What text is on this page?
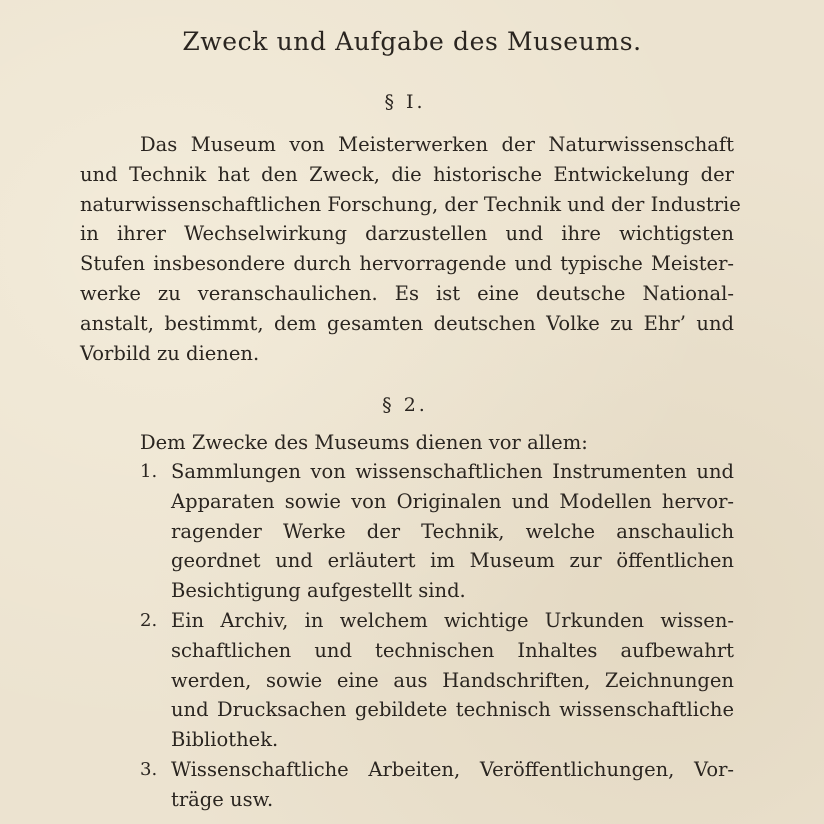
Zweck und Aufgabe des Museums.
§ I.
Das Museum von Meisterwerken der Naturwissenschaft
und Technik hat den Zweck, die historische Entwickelung der
naturwissenschaftlichen Forschung, der Technik und der Industrie
in ihrer Wechselwirkung darzustellen und ihre wichtigsten
Stufen insbesondere durch hervorragende und typische Meister-
werke zu veranschaulichen. Es ist eine deutsche National-
anstalt, bestimmt, dem gesamten deutschen Volke zu Ehr’ und
Vorbild zu dienen.
§ 2.
Dem Zwecke des Museums dienen vor allem:
1. Sammlungen von wissenschaftlichen Instrumenten und
Apparaten sowie von Originalen und Modellen hervor-
ragender Werke der Technik, welche anschaulich
geordnet und erläutert im Museum zur öffentlichen
Besichtigung aufgestellt sind.
2. Ein Archiv, in welchem wichtige Urkunden wissen-
schaftlichen und technischen Inhaltes aufbewahrt
werden, sowie eine aus Handschriften, Zeichnungen
und Drucksachen gebildete technisch wissenschaftliche
Bibliothek.
3. Wissenschaftliche Arbeiten, Veröffentlichungen, Vor-
träge usw.
